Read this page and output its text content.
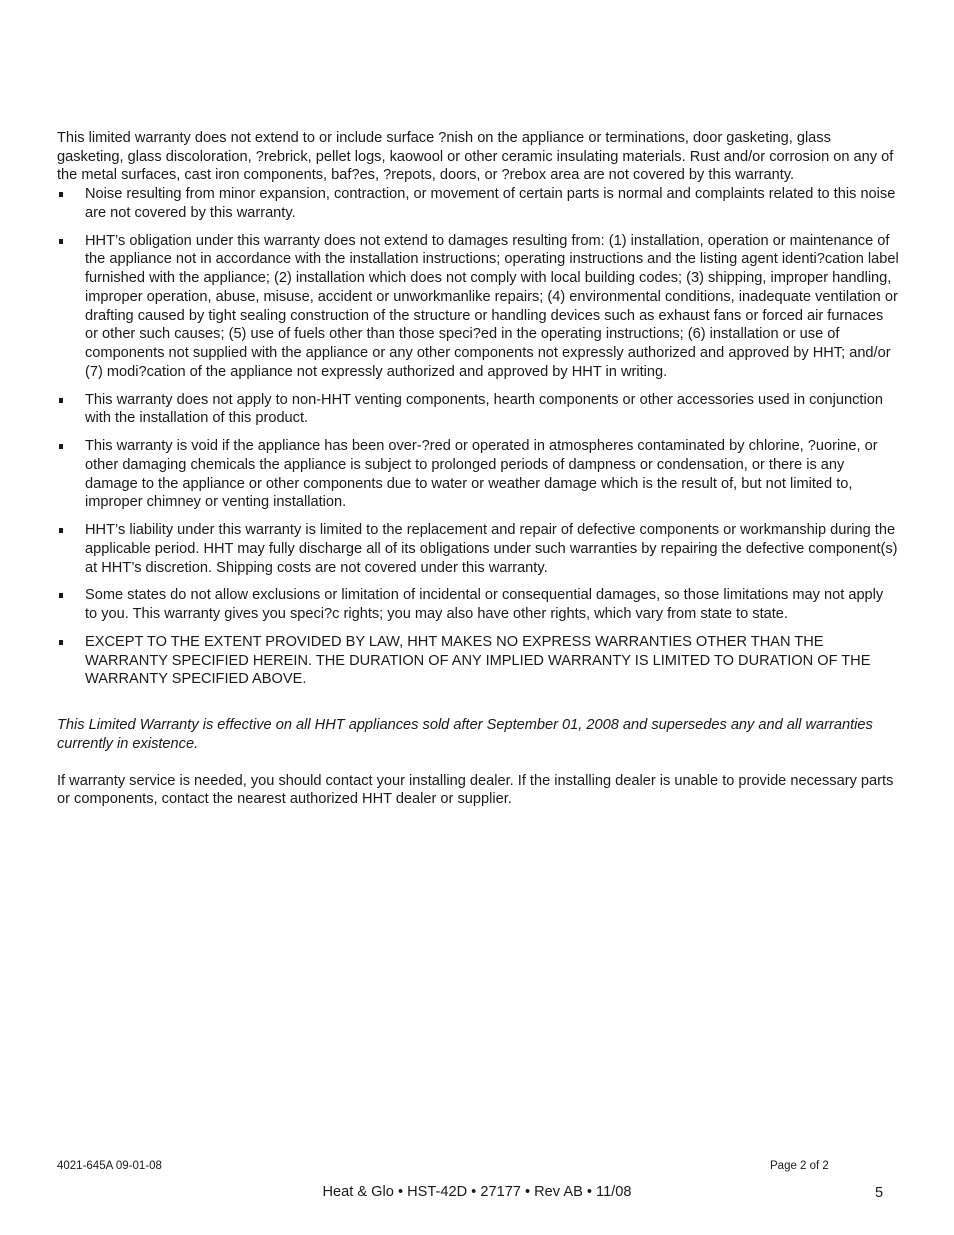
This limited warranty does not extend to or include surface ?nish on the appliance or terminations, door gasketing, glass gasketing, glass discoloration, ?rebrick, pellet logs, kaowool or other ceramic insulating materials. Rust and/or corrosion on any of the metal surfaces, cast iron components, baf?es, ?repots, doors, or ?rebox area are not covered by this warranty.

Noise resulting from minor expansion, contraction, or movement of certain parts is normal and complaints related to this noise are not covered by this warranty.
HHT’s obligation under this warranty does not extend to damages resulting from: (1) installation, operation or maintenance of the appliance not in accordance with the installation instructions; operating instructions and the listing agent identi?cation label furnished with the appliance; (2) installation which does not comply with local building codes; (3) shipping, improper handling, improper operation, abuse, misuse, accident or unworkmanlike repairs; (4) environmental conditions, inadequate ventilation or drafting caused by tight sealing construction of the structure or handling devices such as exhaust fans or forced air furnaces or other such causes; (5) use of fuels other than those speci?ed in the operating instructions; (6) installation or use of components not supplied with the appliance or any other components not expressly authorized and approved by HHT; and/or (7) modi?cation of the appliance not expressly authorized and approved by HHT in writing.
This warranty does not apply to non-HHT venting components, hearth components or other accessories used in conjunction with the installation of this product.
This warranty is void if the appliance has been over-?red or operated in atmospheres contaminated by chlorine, ?uorine, or other damaging chemicals the appliance is subject to prolonged periods of dampness or condensation, or there is any damage to the appliance or other components due to water or weather damage which is the result of, but not limited to, improper chimney or venting installation.
HHT’s liability under this warranty is limited to the replacement and repair of defective components or workmanship during the applicable period. HHT may fully discharge all of its obligations under such warranties by repairing the defective component(s) at HHT’s discretion. Shipping costs are not covered under this warranty.
Some states do not allow exclusions or limitation of incidental or consequential damages, so those limitations may not apply to you. This warranty gives you speci?c rights; you may also have other rights, which vary from state to state.
EXCEPT TO THE EXTENT PROVIDED BY LAW, HHT MAKES NO EXPRESS WARRANTIES OTHER THAN THE WARRANTY SPECIFIED HEREIN. THE DURATION OF ANY IMPLIED WARRANTY IS LIMITED TO DURATION OF THE WARRANTY SPECIFIED ABOVE.

This Limited Warranty is effective on all HHT appliances sold after September 01, 2008 and supersedes any and all warranties currently in existence.

If warranty service is needed, you should contact your installing dealer. If the installing dealer is unable to provide necessary parts or components, contact the nearest authorized HHT dealer or supplier.

4021-645A 09-01-08	Page 2 of 2
Heat & Glo • HST-42D • 27177 • Rev AB • 11/08	5
